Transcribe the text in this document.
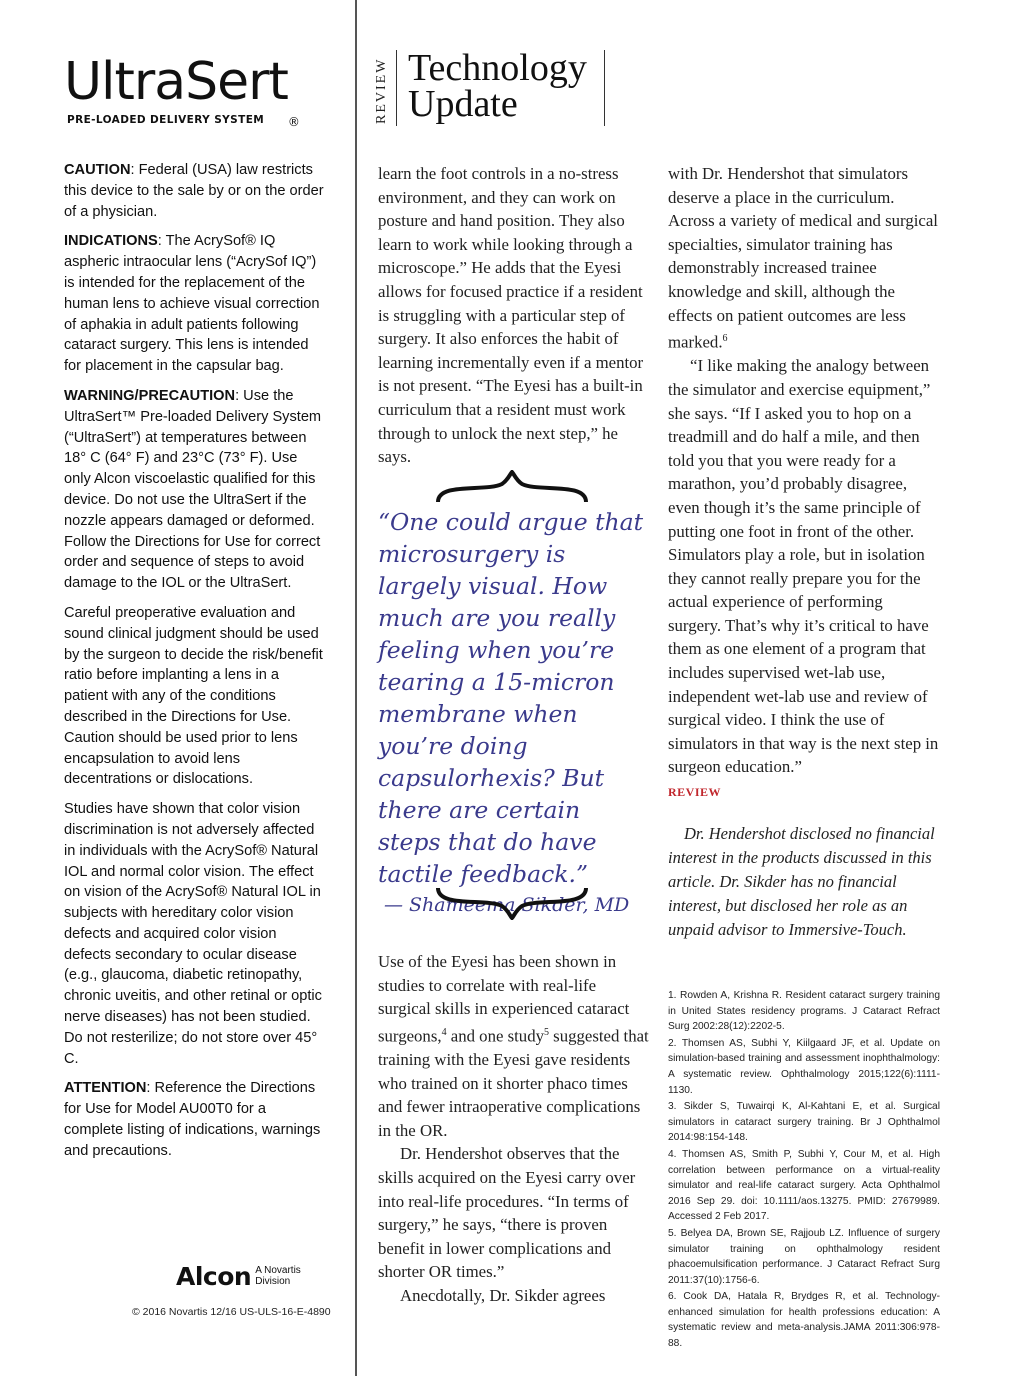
UltraSert®
PRE-LOADED DELIVERY SYSTEM

CAUTION: Federal (USA) law restricts this device to the sale by or on the order of a physician.

INDICATIONS: The AcrySof® IQ aspheric intraocular lens (“AcrySof IQ”) is intended for the replacement of the human lens to achieve visual correction of aphakia in adult patients following cataract surgery. This lens is intended for placement in the capsular bag.

WARNING/PRECAUTION: Use the UltraSert™ Pre-loaded Delivery System (“UltraSert”) at temperatures between 18° C (64° F) and 23°C (73° F). Use only Alcon viscoelastic qualified for this device. Do not use the UltraSert if the nozzle appears damaged or deformed. Follow the Directions for Use for correct order and sequence of steps to avoid damage to the IOL or the UltraSert.

Careful preoperative evaluation and sound clinical judgment should be used by the surgeon to decide the risk/benefit ratio before implanting a lens in a patient with any of the conditions described in the Directions for Use. Caution should be used prior to lens encapsulation to avoid lens decentrations or dislocations.

Studies have shown that color vision discrimination is not adversely affected in individuals with the AcrySof® Natural IOL and normal color vision. The effect on vision of the AcrySof® Natural IOL in subjects with hereditary color vision defects and acquired color vision defects secondary to ocular disease (e.g., glaucoma, diabetic retinopathy, chronic uveitis, and other retinal or optic nerve diseases) has not been studied. Do not resterilize; do not store over 45° C.

ATTENTION: Reference the Directions for Use for Model AU00T0 for a complete listing of indications, warnings and precautions.

Alcon A Novartis
Division
© 2016 Novartis 12/16 US-ULS-16-E-4890
REVIEW Technology
Update

learn the foot controls in a no-stress environment, and they can work on posture and hand position. They also learn to work while looking through a microscope.” He adds that the Eyesi allows for focused practice if a resident is struggling with a particular step of surgery. It also enforces the habit of learning incrementally even if a mentor is not present. “The Eyesi has a built-in curriculum that a resident must work through to unlock the next step,” he says.

“One could argue that microsurgery is largely visual. How much are you really feeling when you’re tearing a 15-micron membrane when you’re doing capsulorhexis? But there are certain steps that do have tactile feedback.”
— Shameema Sikder, MD

Use of the Eyesi has been shown in studies to correlate with real-life surgical skills in experienced cataract surgeons,$^4$ and one study$^5$ suggested that training with the Eyesi gave residents who trained on it shorter phaco times and fewer intraoperative complications in the OR.

Dr. Hendershot observes that the skills acquired on the Eyesi carry over into real-life procedures. “In terms of surgery,” he says, “there is proven benefit in lower complications and shorter OR times.”

Anecdotally, Dr. Sikder agrees

with Dr. Hendershot that simulators deserve a place in the curriculum. Across a variety of medical and surgical specialties, simulator training has demonstrably increased trainee knowledge and skill, although the effects on patient outcomes are less marked.$^6$

“I like making the analogy between the simulator and exercise equipment,” she says. “If I asked you to hop on a treadmill and do half a mile, and then told you that you were ready for a marathon, you’d probably disagree, even though it’s the same principle of putting one foot in front of the other. Simulators play a role, but in isolation they cannot really prepare you for the actual experience of performing surgery. That’s why it’s critical to have them as one element of a program that includes supervised wet-lab use, independent wet-lab use and review of surgical video. I think the use of simulators in that way is the next step in surgeon education.”

REVIEW

Dr. Hendershot disclosed no financial interest in the products discussed in this article. Dr. Sikder has no financial interest, but disclosed her role as an unpaid advisor to Immersive-Touch.
1. Rowden A, Krishna R. Resident cataract surgery training in United States residency programs. J Cataract Refract Surg 2002:28(12):2202-5.
2. Thomsen AS, Subhi Y, Kiilgaard JF, et al. Update on simulation-based training and assessment inophthalmology: A systematic review. Ophthalmology 2015;122(6):1111-1130.
3. Sikder S, Tuwairqi K, Al-Kahtani E, et al. Surgical simulators in cataract surgery training. Br J Ophthalmol 2014:98:154-148.
4. Thomsen AS, Smith P, Subhi Y, Cour M, et al. High correlation between performance on a virtual-reality simulator and real-life cataract surgery. Acta Ophthalmol 2016 Sep 29. doi: 10.1111/aos.13275. PMID: 27679989. Accessed 2 Feb 2017.
5. Belyea DA, Brown SE, Rajjoub LZ. Influence of surgery simulator training on ophthalmology resident phacoemulsification performance. J Cataract Refract Surg 2011:37(10):1756-6.
6. Cook DA, Hatala R, Brydges R, et al. Technology-enhanced simulation for health professions education: A systematic review and meta-analysis.JAMA 2011:306:978-88.
